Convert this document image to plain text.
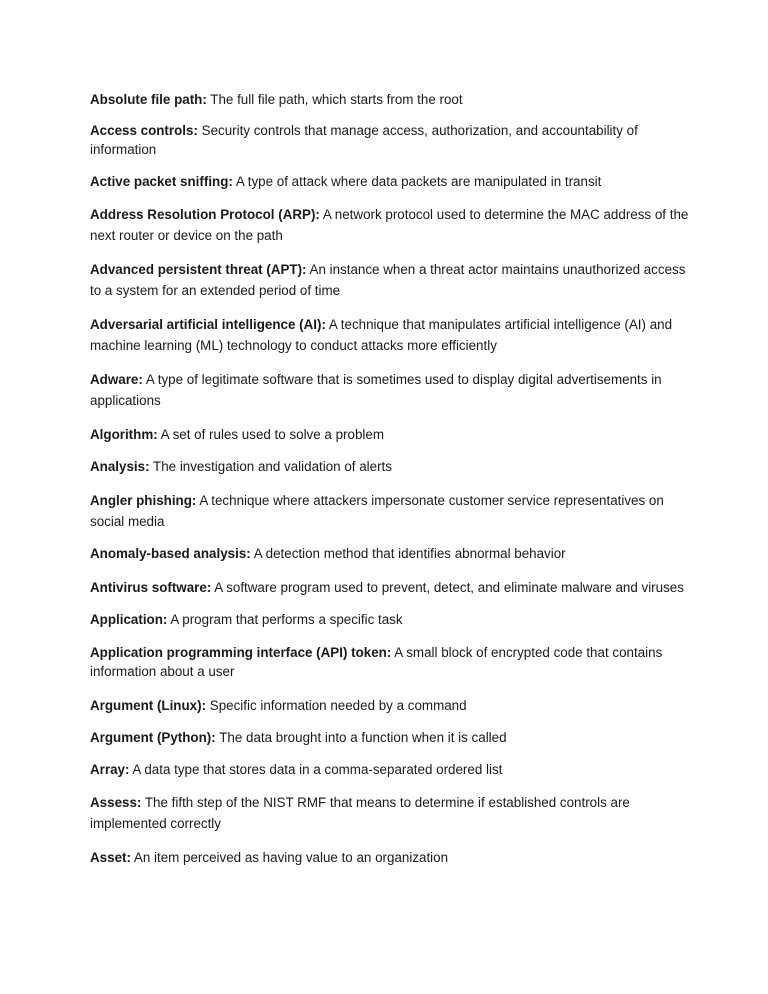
Absolute file path: The full file path, which starts from the root

Access controls: Security controls that manage access, authorization, and accountability of information

Active packet sniffing: A type of attack where data packets are manipulated in transit

Address Resolution Protocol (ARP): A network protocol used to determine the MAC address of the next router or device on the path

Advanced persistent threat (APT): An instance when a threat actor maintains unauthorized access to a system for an extended period of time

Adversarial artificial intelligence (AI): A technique that manipulates artificial intelligence (AI) and machine learning (ML) technology to conduct attacks more efficiently

Adware: A type of legitimate software that is sometimes used to display digital advertisements in applications

Algorithm: A set of rules used to solve a problem

Analysis: The investigation and validation of alerts

Angler phishing: A technique where attackers impersonate customer service representatives on social media

Anomaly-based analysis: A detection method that identifies abnormal behavior

Antivirus software: A software program used to prevent, detect, and eliminate malware and viruses

Application: A program that performs a specific task

Application programming interface (API) token: A small block of encrypted code that contains information about a user

Argument (Linux): Specific information needed by a command

Argument (Python): The data brought into a function when it is called

Array: A data type that stores data in a comma-separated ordered list

Assess: The fifth step of the NIST RMF that means to determine if established controls are implemented correctly

Asset: An item perceived as having value to an organization
